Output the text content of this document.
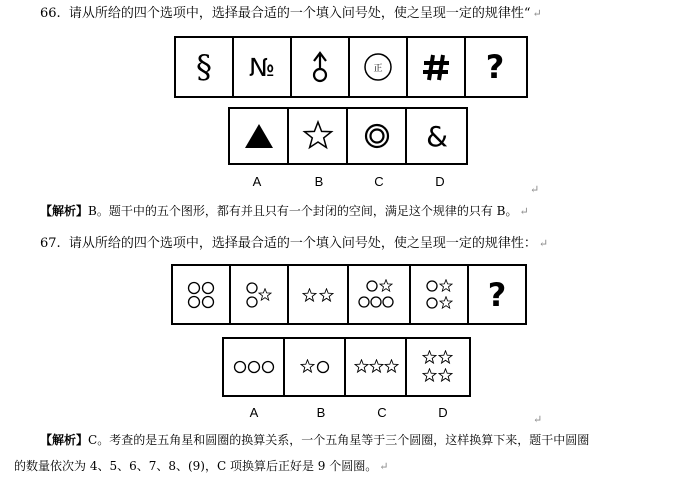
66. 请从所给的四个选项中，选择最合适的一个填入问号处，使之呈现一定的规律性“ ↵
§ №	正	?
&
A	B	C	D
↵
【解析】B。题干中的五个图形，都有并且只有一个封闭的空间，满足这个规律的只有 B。 ↵
67. 请从所给的四个选项中，选择最合适的一个填入问号处，使之呈现一定的规律性： ↵
?
A	B	C	D	↵
【解析】C。考查的是五角星和圆圈的换算关系，一个五角星等于三个圆圈，这样换算下来，题干中圆圈
的数量依次为 4、5、6、7、8、(9)，C 项换算后正好是 9 个圆圈。 ↵
